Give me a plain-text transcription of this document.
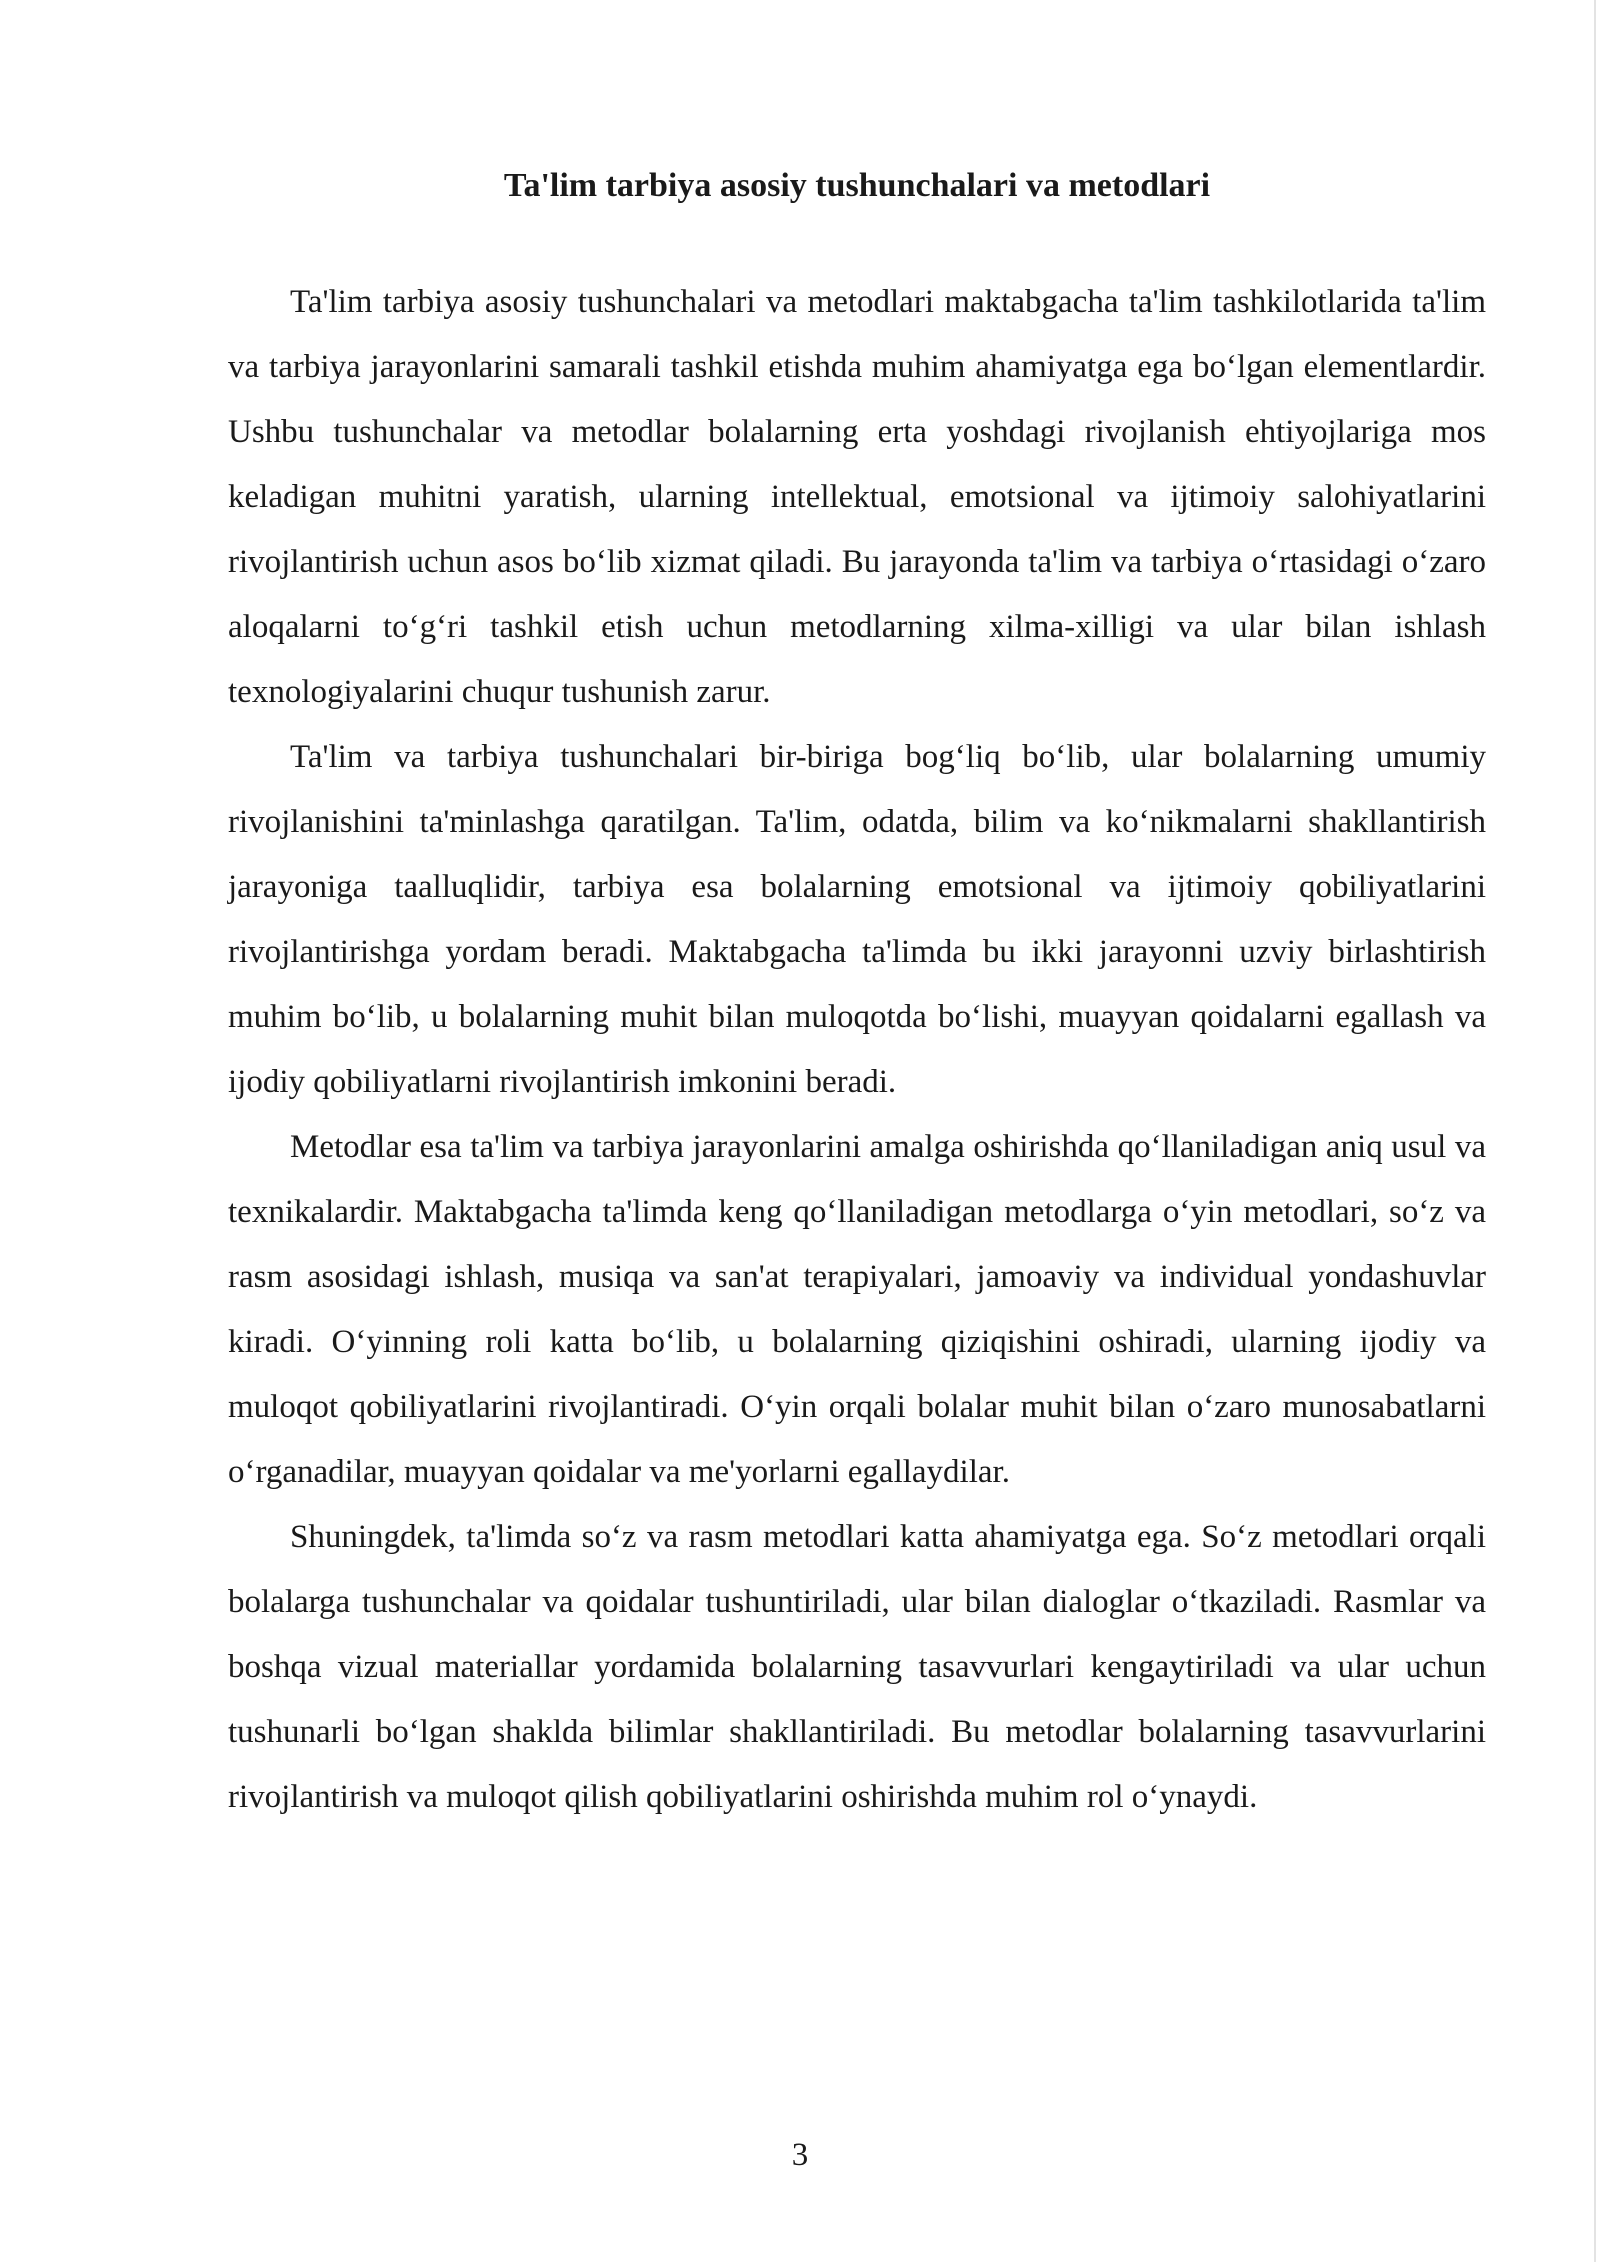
Ta'lim tarbiya asosiy tushunchalari va metodlari

Ta'lim tarbiya asosiy tushunchalari va metodlari maktabgacha ta'lim tashkilotlarida ta'lim va tarbiya jarayonlarini samarali tashkil etishda muhim ahamiyatga ega bo‘lgan elementlardir. Ushbu tushunchalar va metodlar bolalarning erta yoshdagi rivojlanish ehtiyojlariga mos keladigan muhitni yaratish, ularning intellektual, emotsional va ijtimoiy salohiyatlarini rivojlantirish uchun asos bo‘lib xizmat qiladi. Bu jarayonda ta'lim va tarbiya o‘rtasidagi o‘zaro aloqalarni to‘g‘ri tashkil etish uchun metodlarning xilma-xilligi va ular bilan ishlash texnologiyalarini chuqur tushunish zarur.

Ta'lim va tarbiya tushunchalari bir-biriga bog‘liq bo‘lib, ular bolalarning umumiy rivojlanishini ta'minlashga qaratilgan. Ta'lim, odatda, bilim va ko‘nikmalarni shakllantirish jarayoniga taalluqlidir, tarbiya esa bolalarning emotsional va ijtimoiy qobiliyatlarini rivojlantirishga yordam beradi. Maktabgacha ta'limda bu ikki jarayonni uzviy birlashtirish muhim bo‘lib, u bolalarning muhit bilan muloqotda bo‘lishi, muayyan qoidalarni egallash va ijodiy qobiliyatlarni rivojlantirish imkonini beradi.

Metodlar esa ta'lim va tarbiya jarayonlarini amalga oshirishda qo‘llaniladigan aniq usul va texnikalardir. Maktabgacha ta'limda keng qo‘llaniladigan metodlarga o‘yin metodlari, so‘z va rasm asosidagi ishlash, musiqa va san'at terapiyalari, jamoaviy va individual yondashuvlar kiradi. O‘yinning roli katta bo‘lib, u bolalarning qiziqishini oshiradi, ularning ijodiy va muloqot qobiliyatlarini rivojlantiradi. O‘yin orqali bolalar muhit bilan o‘zaro munosabatlarni o‘rganadilar, muayyan qoidalar va me'yorlarni egallaydilar.

Shuningdek, ta'limda so‘z va rasm metodlari katta ahamiyatga ega. So‘z metodlari orqali bolalarga tushunchalar va qoidalar tushuntiriladi, ular bilan dialoglar o‘tkaziladi. Rasmlar va boshqa vizual materiallar yordamida bolalarning tasavvurlari kengaytiriladi va ular uchun tushunarli bo‘lgan shaklda bilimlar shakllantiriladi. Bu metodlar bolalarning tasavvurlarini rivojlantirish va muloqot qilish qobiliyatlarini oshirishda muhim rol o‘ynaydi.

3
